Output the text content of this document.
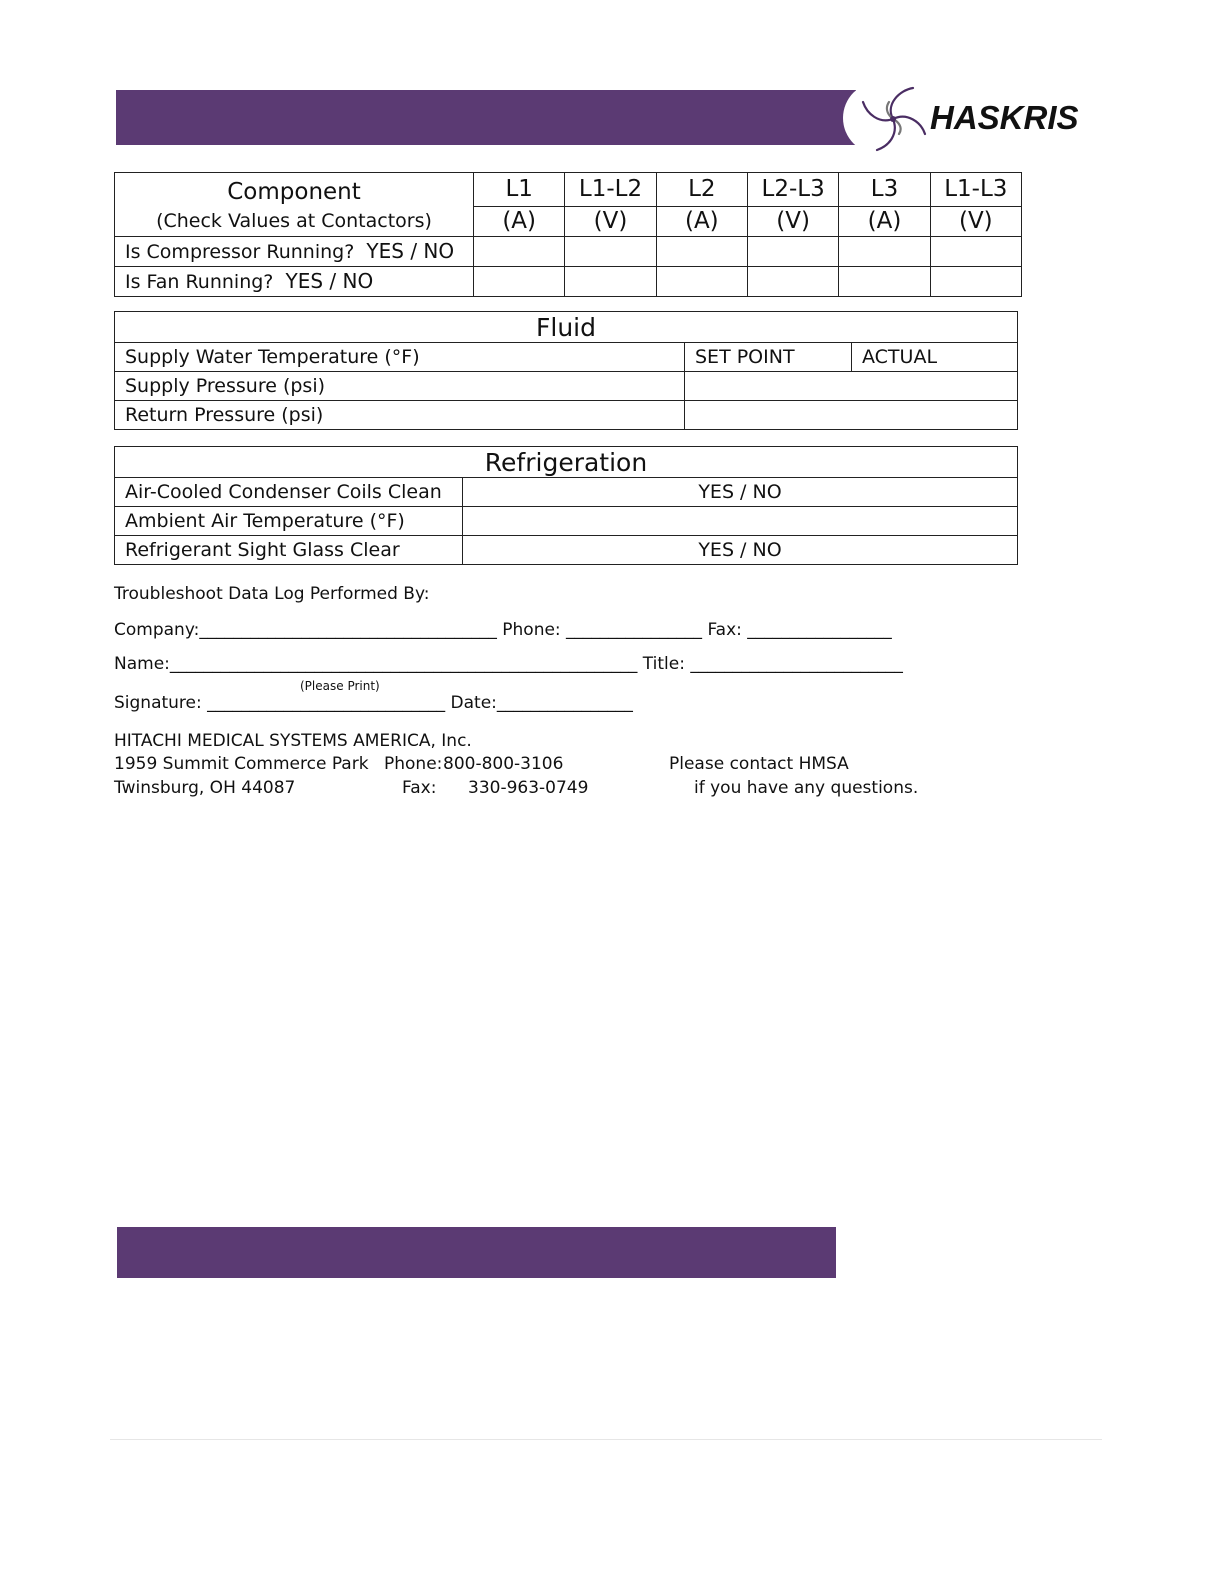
HASKRIS
Component	L1	L1-L2	L2	L2-L3	L3	L1-L3
(Check Values at Contactors)	(A)	(V)	(A)	(V)	(A)	(V)
Is Compressor Running? YES / NO						
Is Fan Running? YES / NO						
Fluid		
Supply Water Temperature (°F)	SET POINT	ACTUAL
Supply Pressure (psi)		
Return Pressure (psi)		
Refrigeration	
Air-Cooled Condenser Coils Clean	YES / NO
Ambient Air Temperature (°F)	
Refrigerant Sight Glass Clear	YES / NO
Troubleshoot Data Log Performed By:
Company:___________________________________ Phone: ________________ Fax: _________________
Name:_______________________________________________________ Title: _________________________
(Please Print)
Signature: ____________________________ Date:________________
HITACHI MEDICAL SYSTEMS AMERICA, Inc.
1959 Summit Commerce Park
Twinsburg, OH 44087
Phone: 800-800-3106
Fax: 330-963-0749
Please contact HMSA
if you have any questions.
